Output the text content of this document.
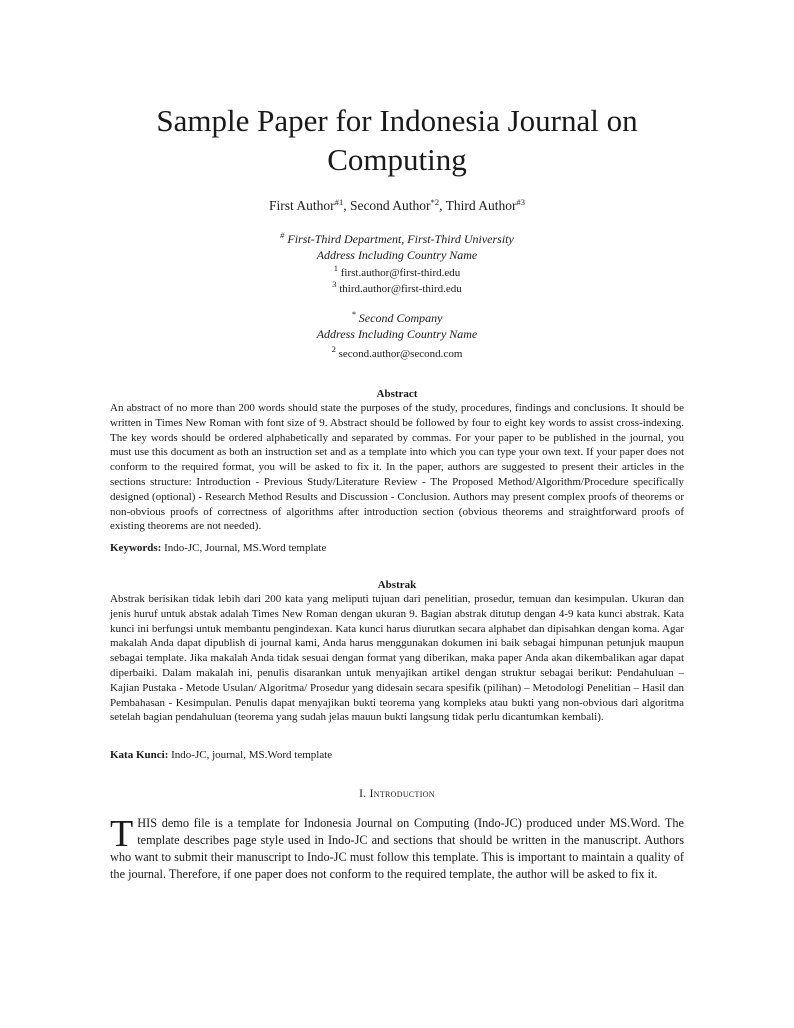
Sample Paper for Indonesia Journal on Computing
First Author$^{\#1}$, Second Author$^{*2}$, Third Author$^{\#3}$
# First-Third Department, First-Third University
Address Including Country Name
$^1$ first.author@first-third.edu
$^3$ third.author@first-third.edu
* Second Company
Address Including Country Name
$^2$ second.author@second.com
Abstract

An abstract of no more than 200 words should state the purposes of the study, procedures, findings and conclusions. It should be written in Times New Roman with font size of 9. Abstract should be followed by four to eight key words to assist cross-indexing. The key words should be ordered alphabetically and separated by commas. For your paper to be published in the journal, you must use this document as both an instruction set and as a template into which you can type your own text. If your paper does not conform to the required format, you will be asked to fix it. In the paper, authors are suggested to present their articles in the sections structure: Introduction - Previous Study/Literature Review - The Proposed Method/Algorithm/Procedure specifically designed (optional) - Research Method Results and Discussion - Conclusion. Authors may present complex proofs of theorems or non-obvious proofs of correctness of algorithms after introduction section (obvious theorems and straightforward proofs of existing theorems are not needed).

Keywords: Indo-JC, Journal, MS.Word template
Abstrak

Abstrak berisikan tidak lebih dari 200 kata yang meliputi tujuan dari penelitian, prosedur, temuan dan kesimpulan. Ukuran dan jenis huruf untuk abstak adalah Times New Roman dengan ukuran 9. Bagian abstrak ditutup dengan 4-9 kata kunci abstrak. Kata kunci ini berfungsi untuk membantu pengindexan. Kata kunci harus diurutkan secara alphabet dan dipisahkan dengan koma. Agar makalah Anda dapat dipublish di journal kami, Anda harus menggunakan dokumen ini baik sebagai himpunan petunjuk maupun sebagai template. Jika makalah Anda tidak sesuai dengan format yang diberikan, maka paper Anda akan dikembalikan agar dapat diperbaiki. Dalam makalah ini, penulis disarankan untuk menyajikan artikel dengan struktur sebagai berikut: Pendahuluan – Kajian Pustaka - Metode Usulan/ Algoritma/ Prosedur yang didesain secara spesifik (pilihan) – Metodologi Penelitian – Hasil dan Pembahasan - Kesimpulan. Penulis dapat menyajikan bukti teorema yang kompleks atau bukti yang non-obvious dari algoritma setelah bagian pendahuluan (teorema yang sudah jelas mauun bukti langsung tidak perlu dicantumkan kembali).

Kata Kunci: Indo-JC, journal, MS.Word template
I. Introduction

THIS demo file is a template for Indonesia Journal on Computing (Indo-JC) produced under MS.Word. The template describes page style used in Indo-JC and sections that should be written in the manuscript. Authors who want to submit their manuscript to Indo-JC must follow this template. This is important to maintain a quality of the journal. Therefore, if one paper does not conform to the required template, the author will be asked to fix it.
